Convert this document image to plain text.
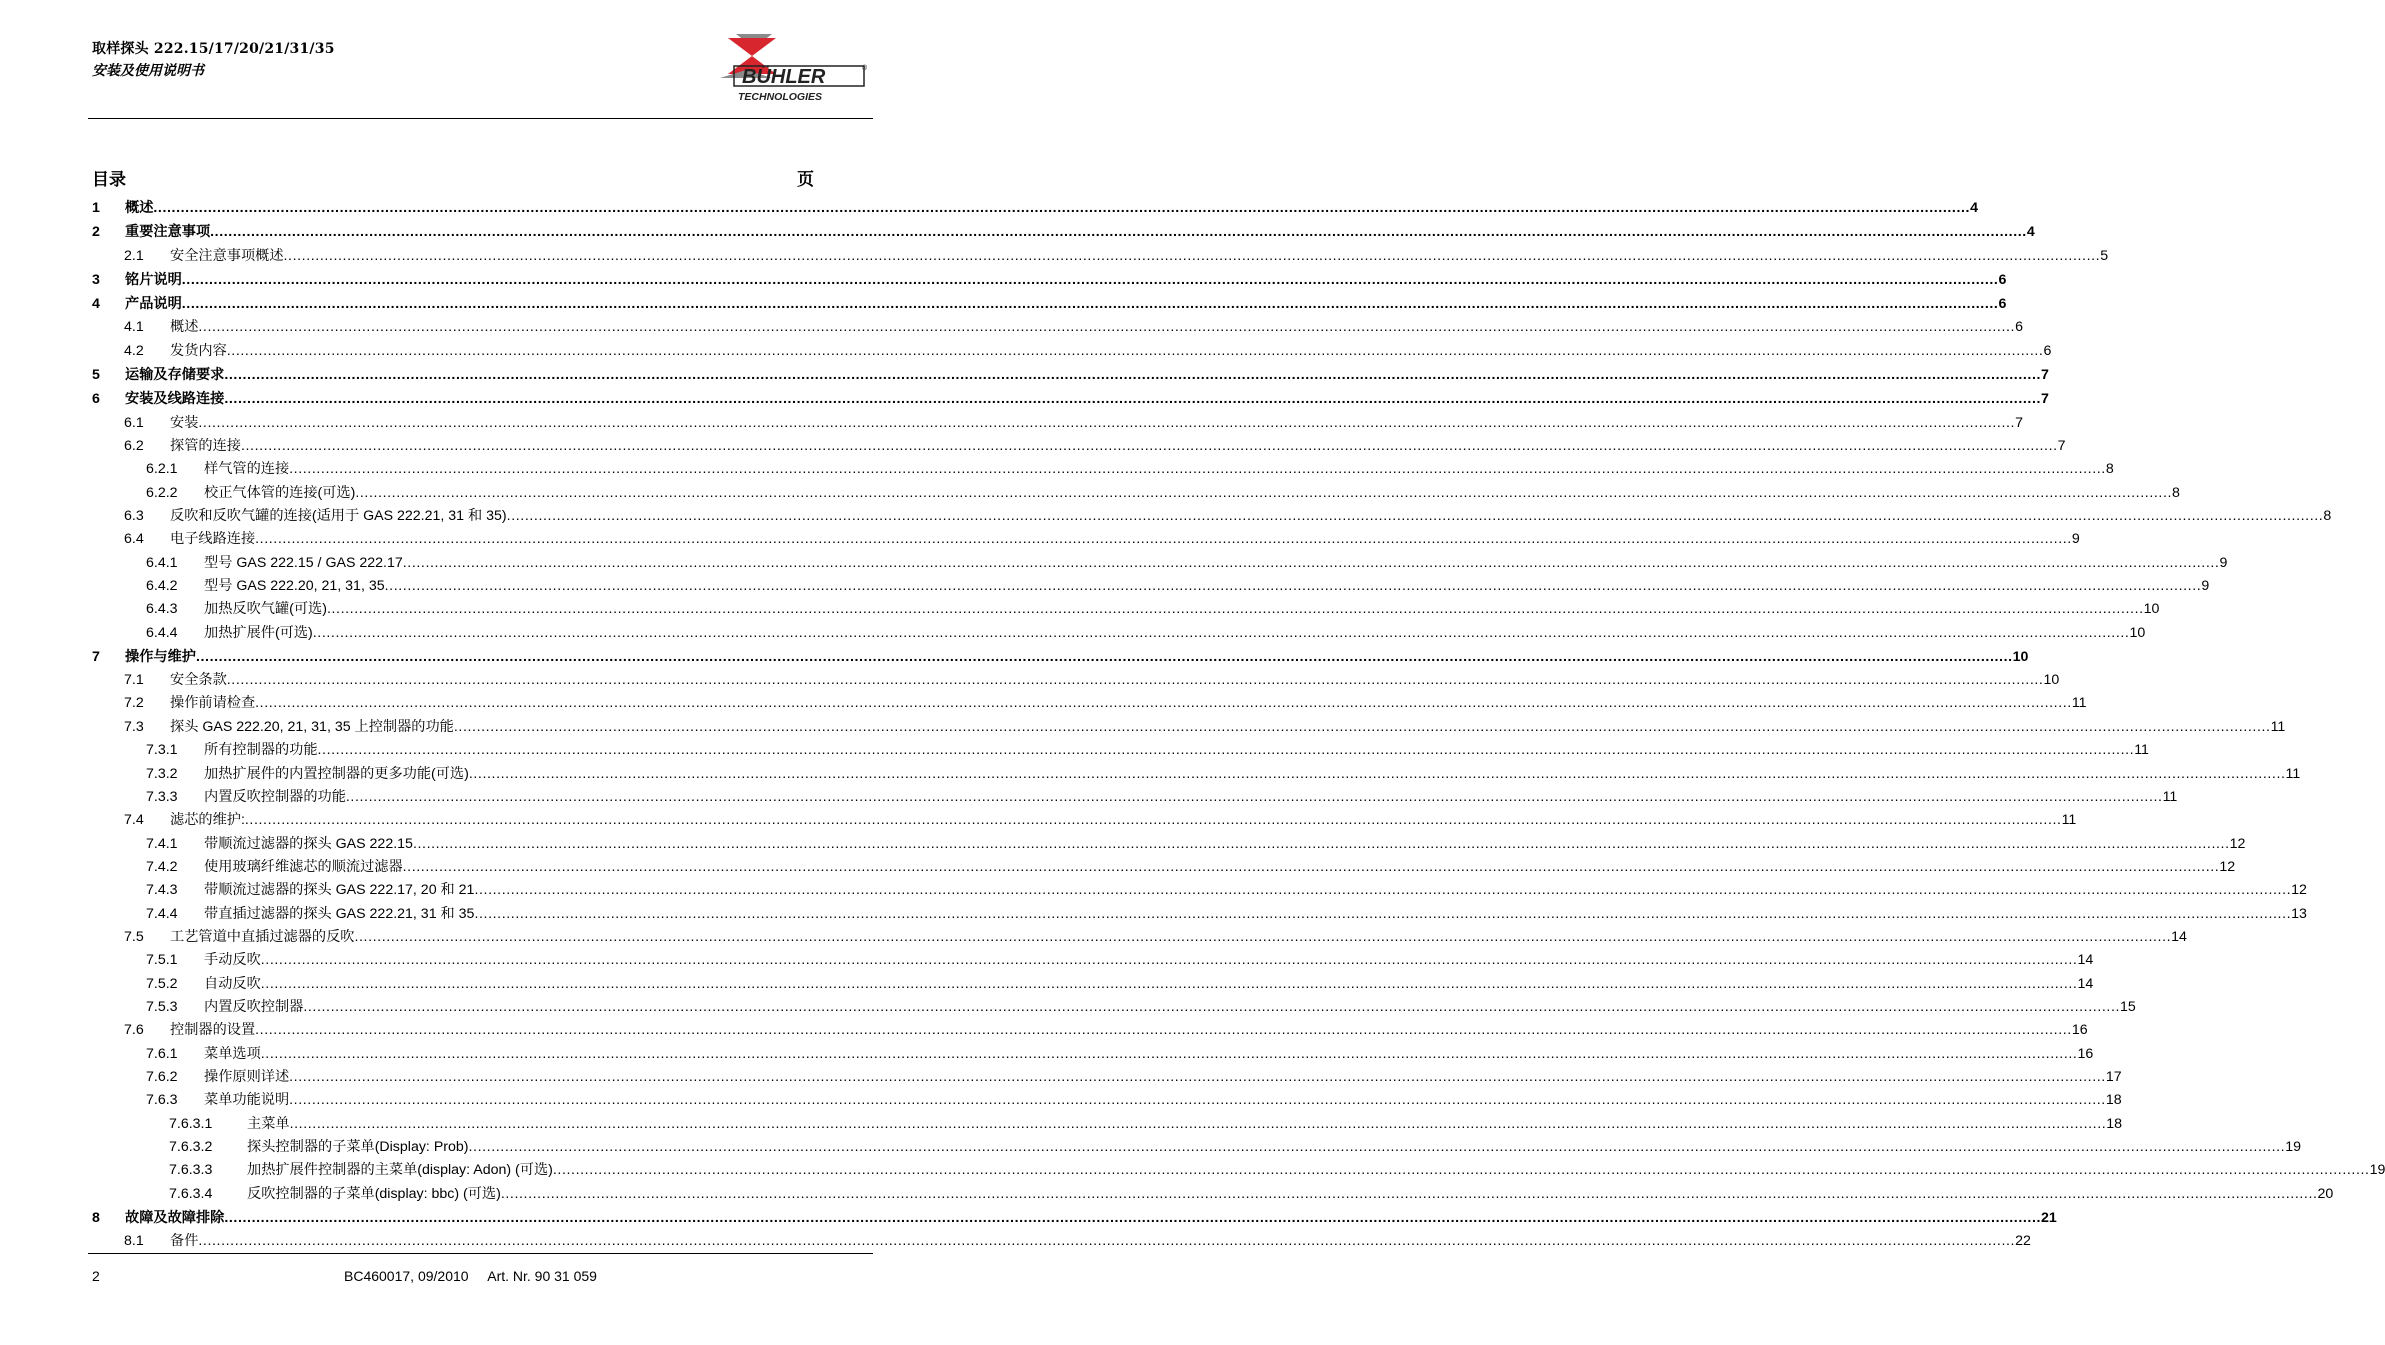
取样探头 222.15/17/20/21/31/35
安装及使用说明书	BÜHLER	®
TECHNOLOGIES
目录	页
1 概述 ................................................................................................................................................................................................................................................................................................................................................................................................................ 4
2 重要注意事项 ................................................................................................................................................................................................................................................................................................................................................................................................................ 4
2.1 安全注意事项概述 ................................................................................................................................................................................................................................................................................................................................................................................................................ 5
3 铭片说明 ................................................................................................................................................................................................................................................................................................................................................................................................................ 6
4 产品说明 ................................................................................................................................................................................................................................................................................................................................................................................................................ 6
4.1 概述 ................................................................................................................................................................................................................................................................................................................................................................................................................ 6
4.2 发货内容 ................................................................................................................................................................................................................................................................................................................................................................................................................ 6
5 运输及存储要求 ................................................................................................................................................................................................................................................................................................................................................................................................................ 7
6 安装及线路连接 ................................................................................................................................................................................................................................................................................................................................................................................................................ 7
6.1 安装 ................................................................................................................................................................................................................................................................................................................................................................................................................ 7
6.2 探管的连接 ................................................................................................................................................................................................................................................................................................................................................................................................................ 7
6.2.1 样气管的连接 ................................................................................................................................................................................................................................................................................................................................................................................................................ 8
6.2.2 校正气体管的连接(可选) ................................................................................................................................................................................................................................................................................................................................................................................................................ 8
6.3 反吹和反吹气罐的连接(适用于 GAS 222.21, 31 和 35) ................................................................................................................................................................................................................................................................................................................................................................................................................ 8
6.4 电子线路连接 ................................................................................................................................................................................................................................................................................................................................................................................................................ 9
6.4.1 型号 GAS 222.15 / GAS 222.17 ................................................................................................................................................................................................................................................................................................................................................................................................................ 9
6.4.2 型号 GAS 222.20, 21, 31, 35 ................................................................................................................................................................................................................................................................................................................................................................................................................ 9
6.4.3 加热反吹气罐(可选) ................................................................................................................................................................................................................................................................................................................................................................................................................ 10
6.4.4 加热扩展件(可选) ................................................................................................................................................................................................................................................................................................................................................................................................................ 10
7 操作与维护 ................................................................................................................................................................................................................................................................................................................................................................................................................ 10
7.1 安全条款 ................................................................................................................................................................................................................................................................................................................................................................................................................ 10
7.2 操作前请检查 ................................................................................................................................................................................................................................................................................................................................................................................................................ 11
7.3 探头 GAS 222.20, 21, 31, 35 上控制器的功能 ................................................................................................................................................................................................................................................................................................................................................................................................................ 11
7.3.1 所有控制器的功能 ................................................................................................................................................................................................................................................................................................................................................................................................................ 11
7.3.2 加热扩展件的内置控制器的更多功能(可选) ................................................................................................................................................................................................................................................................................................................................................................................................................ 11
7.3.3 内置反吹控制器的功能 ................................................................................................................................................................................................................................................................................................................................................................................................................ 11
7.4 滤芯的维护: ................................................................................................................................................................................................................................................................................................................................................................................................................ 11
7.4.1 带顺流过滤器的探头 GAS 222.15 ................................................................................................................................................................................................................................................................................................................................................................................................................ 12
7.4.2 使用玻璃纤维滤芯的顺流过滤器 ................................................................................................................................................................................................................................................................................................................................................................................................................ 12
7.4.3 带顺流过滤器的探头 GAS 222.17, 20 和 21 ................................................................................................................................................................................................................................................................................................................................................................................................................ 12
7.4.4 带直插过滤器的探头 GAS 222.21, 31 和 35 ................................................................................................................................................................................................................................................................................................................................................................................................................ 13
7.5 工艺管道中直插过滤器的反吹 ................................................................................................................................................................................................................................................................................................................................................................................................................ 14
7.5.1 手动反吹 ................................................................................................................................................................................................................................................................................................................................................................................................................ 14
7.5.2 自动反吹 ................................................................................................................................................................................................................................................................................................................................................................................................................ 14
7.5.3 内置反吹控制器 ................................................................................................................................................................................................................................................................................................................................................................................................................ 15
7.6 控制器的设置 ................................................................................................................................................................................................................................................................................................................................................................................................................ 16
7.6.1 菜单选项 ................................................................................................................................................................................................................................................................................................................................................................................................................ 16
7.6.2 操作原则详述 ................................................................................................................................................................................................................................................................................................................................................................................................................ 17
7.6.3 菜单功能说明 ................................................................................................................................................................................................................................................................................................................................................................................................................ 18
7.6.3.1 主菜单 ................................................................................................................................................................................................................................................................................................................................................................................................................ 18
7.6.3.2 探头控制器的子菜单(Display: Prob) ................................................................................................................................................................................................................................................................................................................................................................................................................ 19
7.6.3.3 加热扩展件控制器的主菜单(display: Adon) (可选) ................................................................................................................................................................................................................................................................................................................................................................................................................ 19
7.6.3.4 反吹控制器的子菜单(display: bbc) (可选) ................................................................................................................................................................................................................................................................................................................................................................................................................ 20
8 故障及故障排除 ................................................................................................................................................................................................................................................................................................................................................................................................................ 21
8.1 备件 ................................................................................................................................................................................................................................................................................................................................................................................................................ 22
2	BC460017, 09/2010     Art. Nr. 90 31 059
